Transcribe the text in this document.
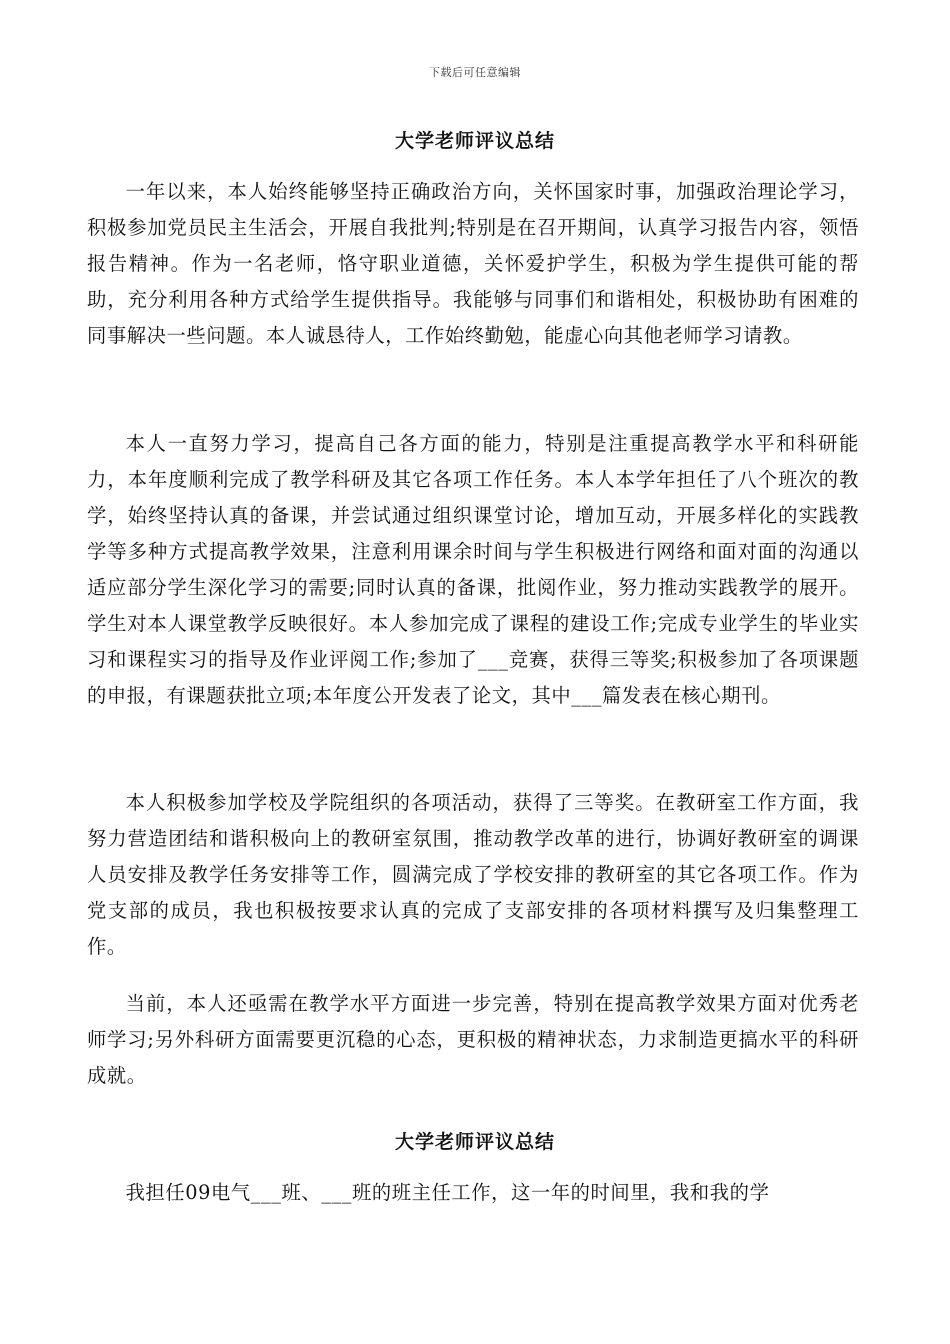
下载后可任意编辑
大学老师评议总结

一年以来，本人始终能够坚持正确政治方向，关怀国家时事，加强政治理论学习，积极参加党员民主生活会，开展自我批判;特别是在召开期间，认真学习报告内容，领悟报告精神。作为一名老师，恪守职业道德，关怀爱护学生，积极为学生提供可能的帮助，充分利用各种方式给学生提供指导。我能够与同事们和谐相处，积极协助有困难的同事解决一些问题。本人诚恳待人，工作始终勤勉，能虚心向其他老师学习请教。

本人一直努力学习，提高自己各方面的能力，特别是注重提高教学水平和科研能力，本年度顺利完成了教学科研及其它各项工作任务。本人本学年担任了八个班次的教学，始终坚持认真的备课，并尝试通过组织课堂讨论，增加互动，开展多样化的实践教学等多种方式提高教学效果，注意利用课余时间与学生积极进行网络和面对面的沟通以适应部分学生深化学习的需要;同时认真的备课，批阅作业，努力推动实践教学的展开。学生对本人课堂教学反映很好。本人参加完成了课程的建设工作;完成专业学生的毕业实习和课程实习的指导及作业评阅工作;参加了___竞赛，获得三等奖;积极参加了各项课题的申报，有课题获批立项;本年度公开发表了论文，其中___篇发表在核心期刊。

本人积极参加学校及学院组织的各项活动，获得了三等奖。在教研室工作方面，我努力营造团结和谐积极向上的教研室氛围，推动教学改革的进行，协调好教研室的调课人员安排及教学任务安排等工作，圆满完成了学校安排的教研室的其它各项工作。作为党支部的成员，我也积极按要求认真的完成了支部安排的各项材料撰写及归集整理工作。

当前，本人还亟需在教学水平方面进一步完善，特别在提高教学效果方面对优秀老师学习;另外科研方面需要更沉稳的心态，更积极的精神状态，力求制造更搞水平的科研成就。

大学老师评议总结

我担任09电气___班、___班的班主任工作，这一年的时间里，我和我的学
